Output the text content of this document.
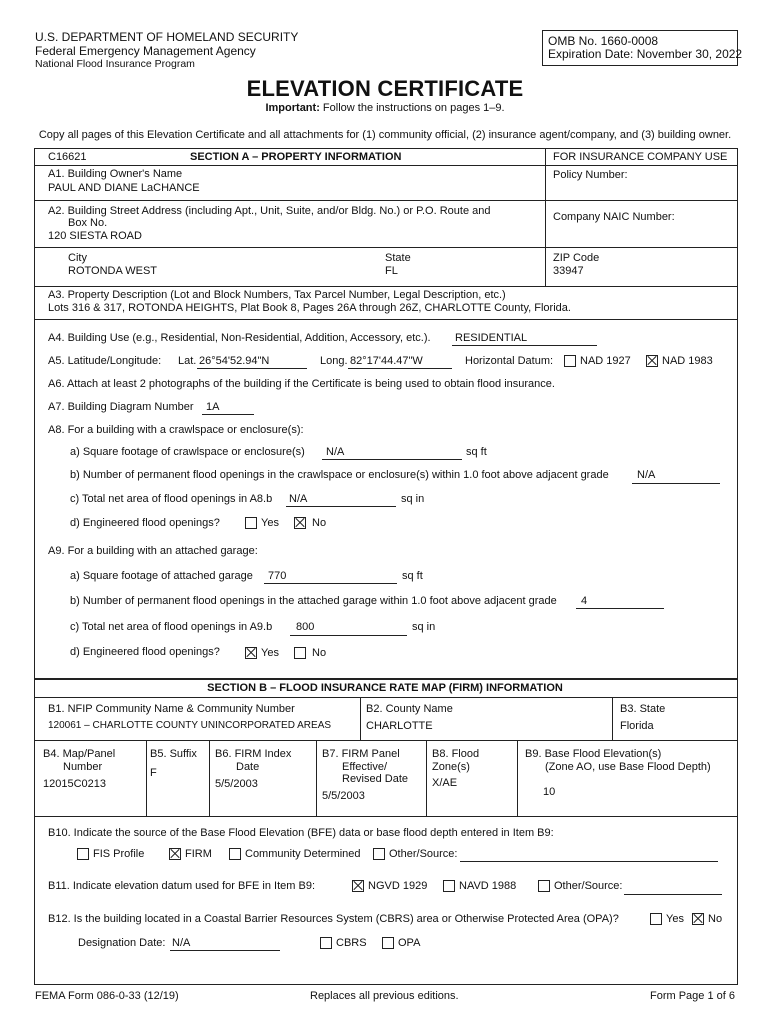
U.S. DEPARTMENT OF HOMELAND SECURITY
Federal Emergency Management Agency
National Flood Insurance Program
OMB No. 1660-0008
Expiration Date: November 30, 2022
ELEVATION CERTIFICATE
Important: Follow the instructions on pages 1–9.
Copy all pages of this Elevation Certificate and all attachments for (1) community official, (2) insurance agent/company, and (3) building owner.
C16621	SECTION A – PROPERTY INFORMATION	FOR INSURANCE COMPANY USE
A1. Building Owner's Name
PAUL AND DIANE LaCHANCE
Policy Number:
A2. Building Street Address (including Apt., Unit, Suite, and/or Bldg. No.) or P.O. Route and
Box No.
120 SIESTA ROAD
Company NAIC Number:
City
ROTONDA WEST
State
FL
ZIP Code
33947
A3. Property Description (Lot and Block Numbers, Tax Parcel Number, Legal Description, etc.)
Lots 316 & 317, ROTONDA HEIGHTS, Plat Book 8, Pages 26A through 26Z, CHARLOTTE County, Florida.
A4. Building Use (e.g., Residential, Non-Residential, Addition, Accessory, etc.). RESIDENTIAL
A5. Latitude/Longitude: Lat. 26°54'52.94"N	Long. 82°17'44.47"W	Horizontal Datum: NAD 1927	NAD 1983
A6. Attach at least 2 photographs of the building if the Certificate is being used to obtain flood insurance.
A7. Building Diagram Number 1A
A8. For a building with a crawlspace or enclosure(s):
a) Square footage of crawlspace or enclosure(s) N/A	sq ft
b) Number of permanent flood openings in the crawlspace or enclosure(s) within 1.0 foot above adjacent grade	N/A
c) Total net area of flood openings in A8.b N/A	sq in
d) Engineered flood openings?	Yes	No
A9. For a building with an attached garage:
a) Square footage of attached garage 770	sq ft
b) Number of permanent flood openings in the attached garage within 1.0 foot above adjacent grade 4
c) Total net area of flood openings in A9.b 800	sq in
d) Engineered flood openings?	Yes	No
SECTION B – FLOOD INSURANCE RATE MAP (FIRM) INFORMATION
B1. NFIP Community Name & Community Number
120061 – CHARLOTTE COUNTY UNINCORPORATED AREAS
B2. County Name
CHARLOTTE
B3. State
Florida
B4. Map/Panel
Number
12015C0213
B5. Suffix
F
B6. FIRM Index
Date
5/5/2003
B7. FIRM Panel
Effective/
Revised Date
5/5/2003
B8. Flood
Zone(s)
X/AE
B9. Base Flood Elevation(s)
(Zone AO, use Base Flood Depth)
10
B10. Indicate the source of the Base Flood Elevation (BFE) data or base flood depth entered in Item B9:
FIS Profile	FIRM	Community Determined	Other/Source:
B11. Indicate elevation datum used for BFE in Item B9:	NGVD 1929	NAVD 1988	Other/Source:
B12. Is the building located in a Coastal Barrier Resources System (CBRS) area or Otherwise Protected Area (OPA)?	Yes No
Designation Date: N/A	CBRS	OPA
FEMA Form 086-0-33 (12/19)	Replaces all previous editions.	Form Page 1 of 6
